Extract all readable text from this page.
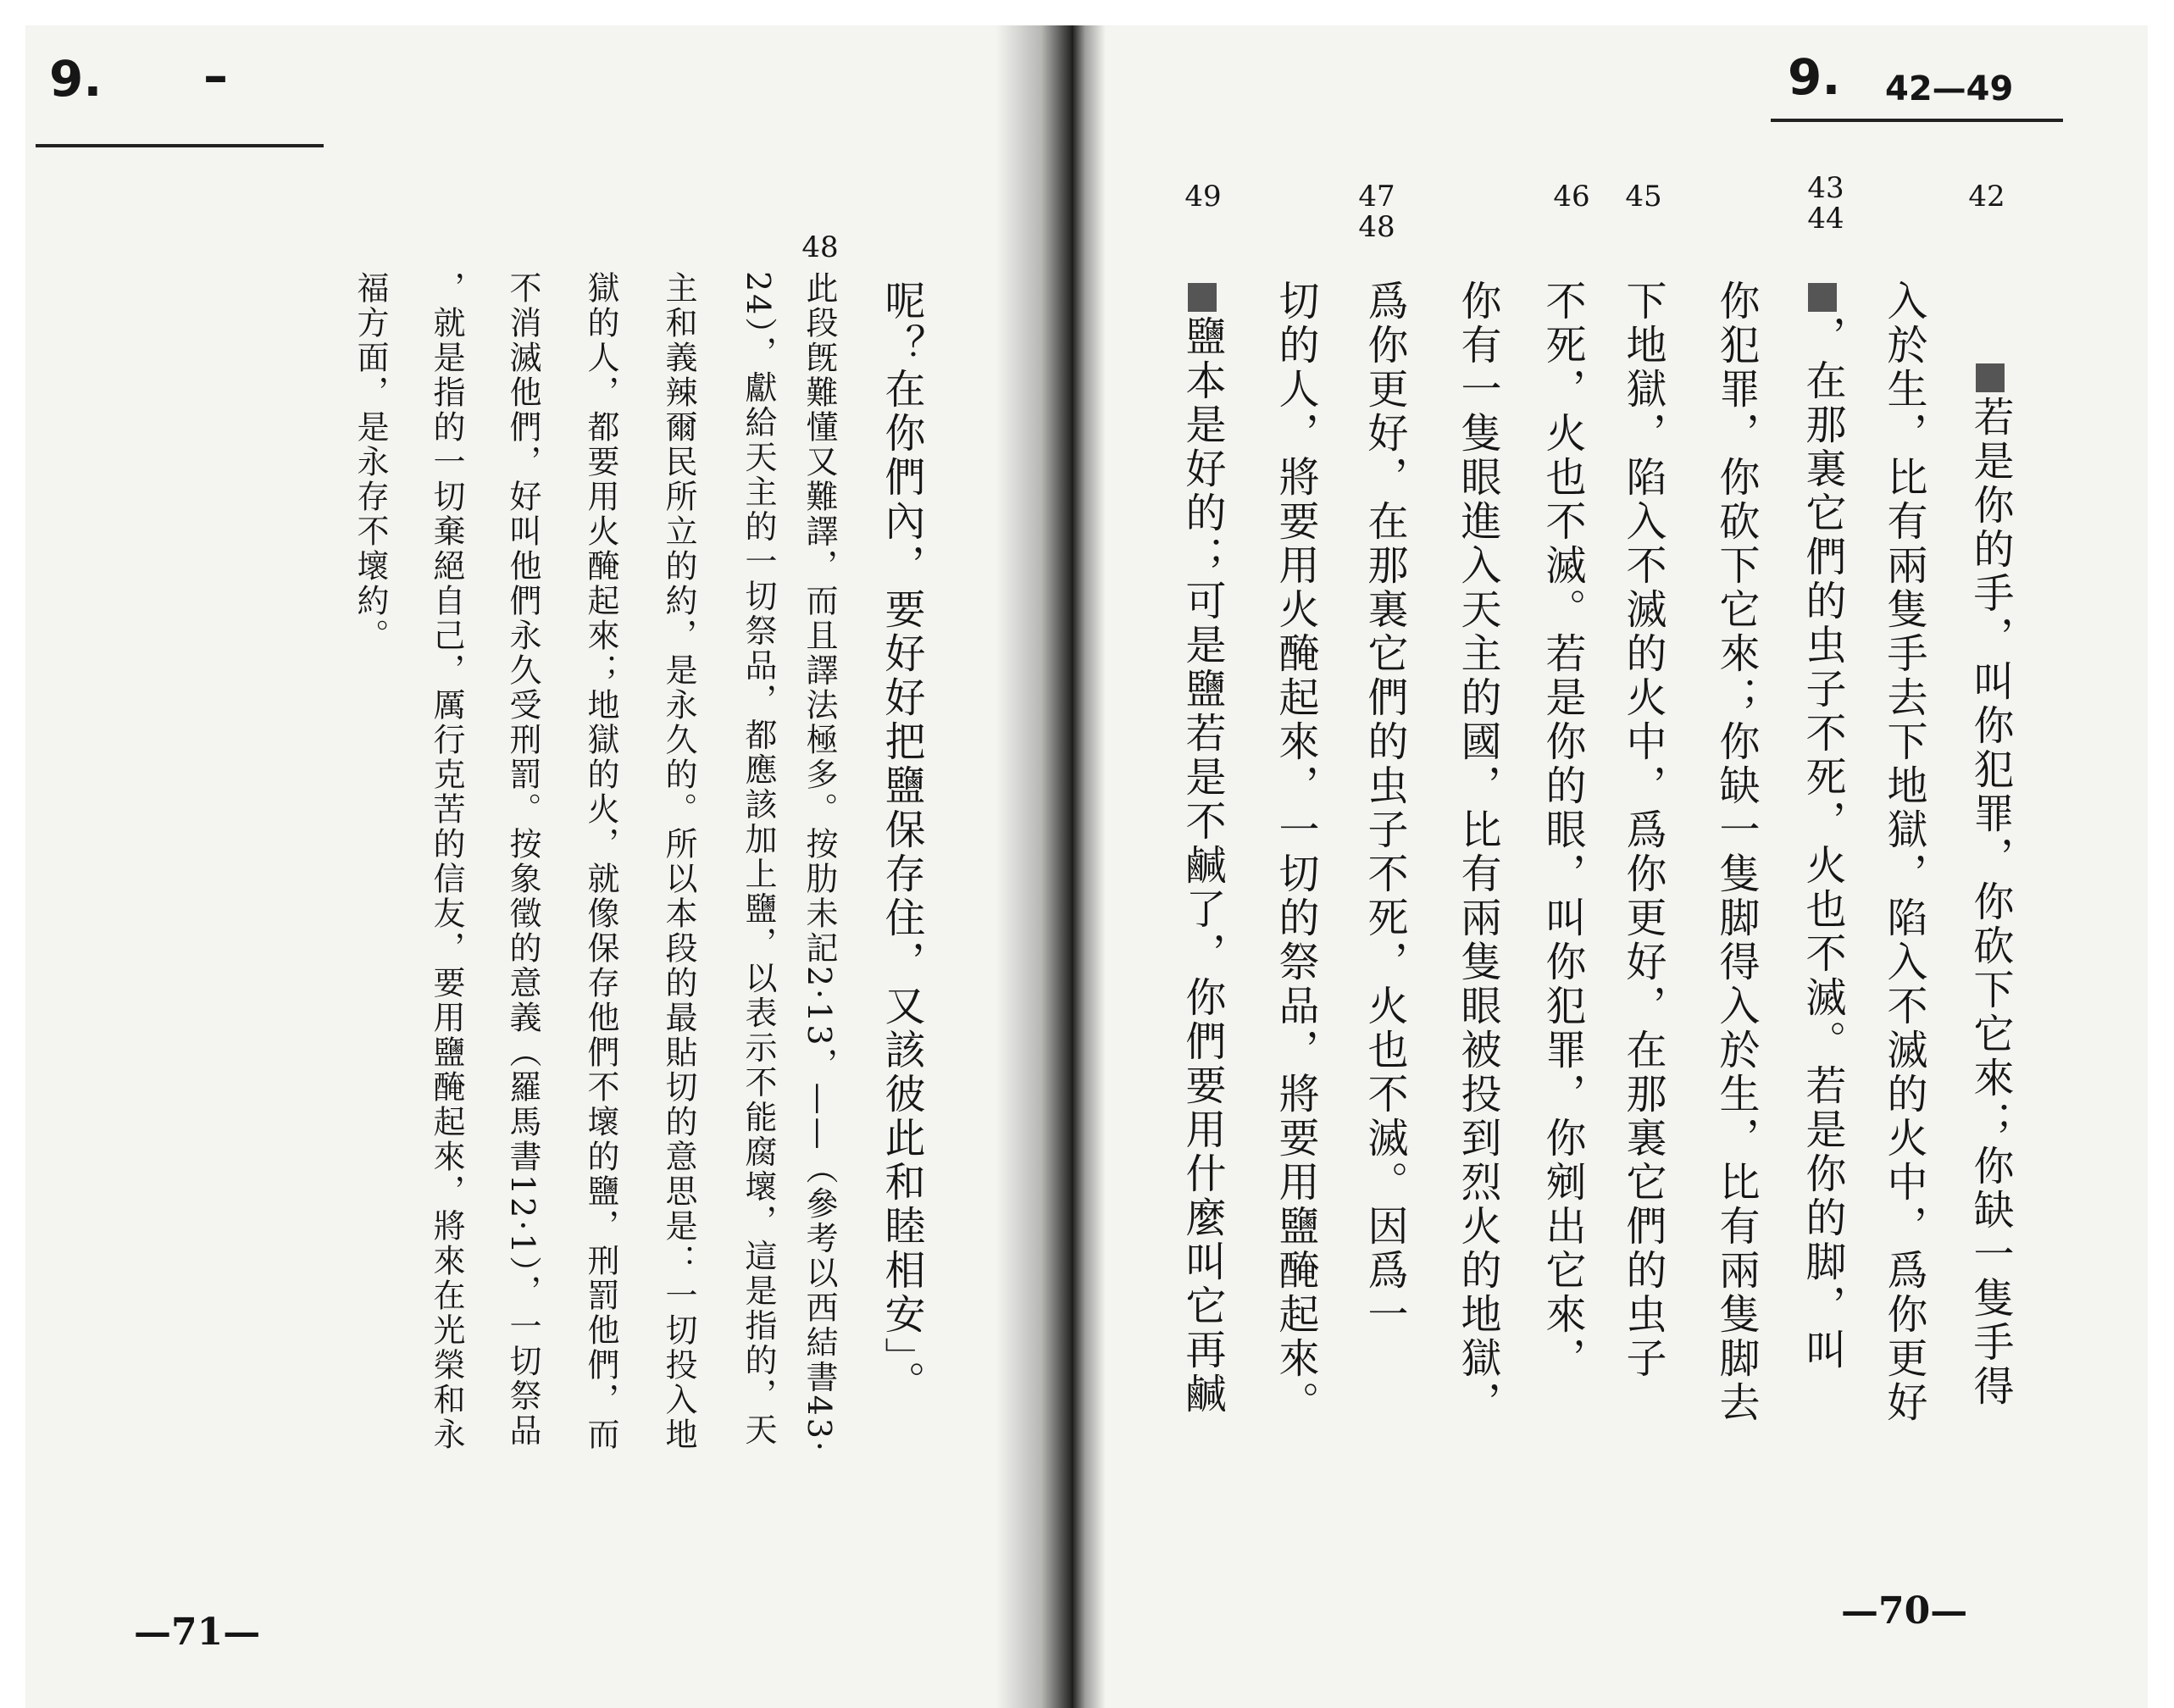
9. –
呢？在你們內，要好好把鹽保存住，又該彼此和睦相安」。
48
此段旣難懂又難譯，而且譯法極多。按肋未記2·13，——（參考以西結書43·
24），獻給天主的一切祭品，都應該加上鹽，以表示不能腐壞，這是指的，天
主和義辣爾民所立的約，是永久的。所以本段的最貼切的意思是：一切投入地
獄的人，都要用火醃起來；地獄的火，就像保存他們不壞的鹽，刑罰他們，而
不消滅他們，好叫他們永久受刑罰。按象徵的意義（羅馬書12·1），一切祭品
，就是指的一切棄絕自己，厲行克苦的信友，要用鹽醃起來，將來在光榮和永
福方面，是永存不壞約。
—71—
9. 42—49
42
43
44
45
46
47
48
49
若是你的手，叫你犯罪，你砍下它來；你缺一隻手得
入於生，比有兩隻手去下地獄，陷入不滅的火中，爲你更好
，在那裏它們的虫子不死，火也不滅。若是你的脚，叫
你犯罪，你砍下它來；你缺一隻脚得入於生，比有兩隻脚去
下地獄，陷入不滅的火中，爲你更好，在那裏它們的虫子
不死，火也不滅。若是你的眼，叫你犯罪，你剜出它來，
你有一隻眼進入天主的國，比有兩隻眼被投到烈火的地獄，
爲你更好，在那裏它們的虫子不死，火也不滅。因爲一
切的人，將要用火醃起來，一切的祭品，將要用鹽醃起來。
鹽本是好的；可是鹽若是不鹹了，你們要用什麼叫它再鹹
—70—
